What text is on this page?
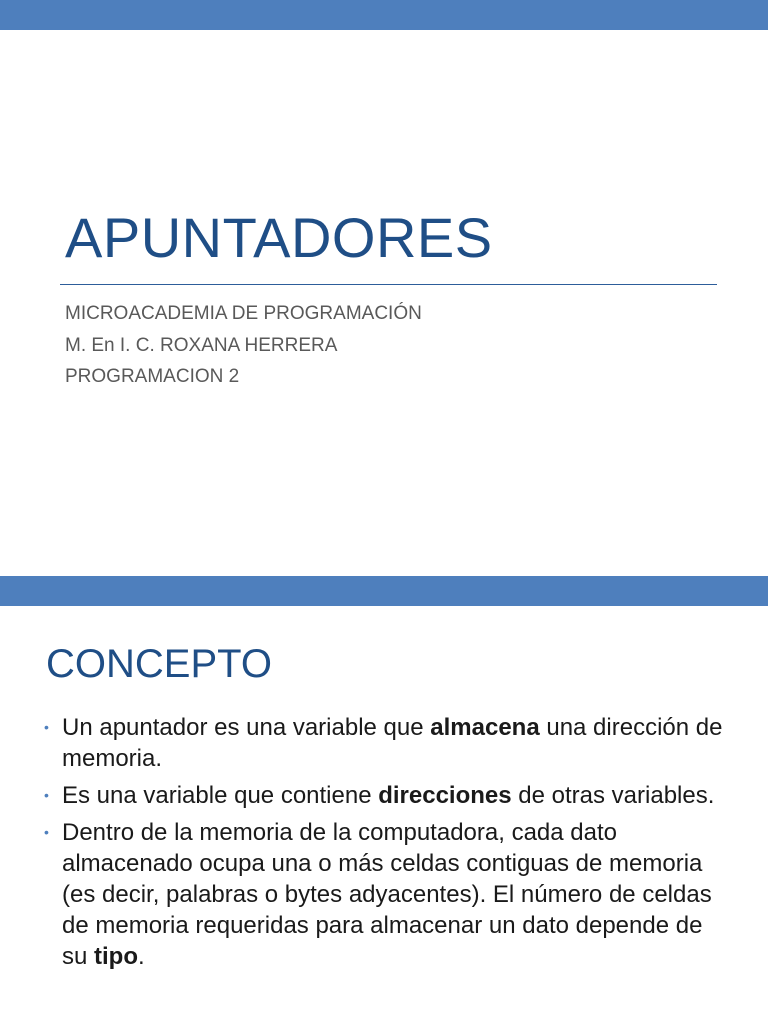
APUNTADORES
MICROACADEMIA DE PROGRAMACIÓN
M. En I. C. ROXANA HERRERA
PROGRAMACION 2
CONCEPTO
• Un apuntador es una variable que almacena una dirección de memoria.
• Es una variable que contiene direcciones de otras variables.
• Dentro de la memoria de la computadora, cada dato almacenado ocupa una o más celdas contiguas de memoria (es decir, palabras o bytes adyacentes). El número de celdas de memoria requeridas para almacenar un dato depende de su tipo.
